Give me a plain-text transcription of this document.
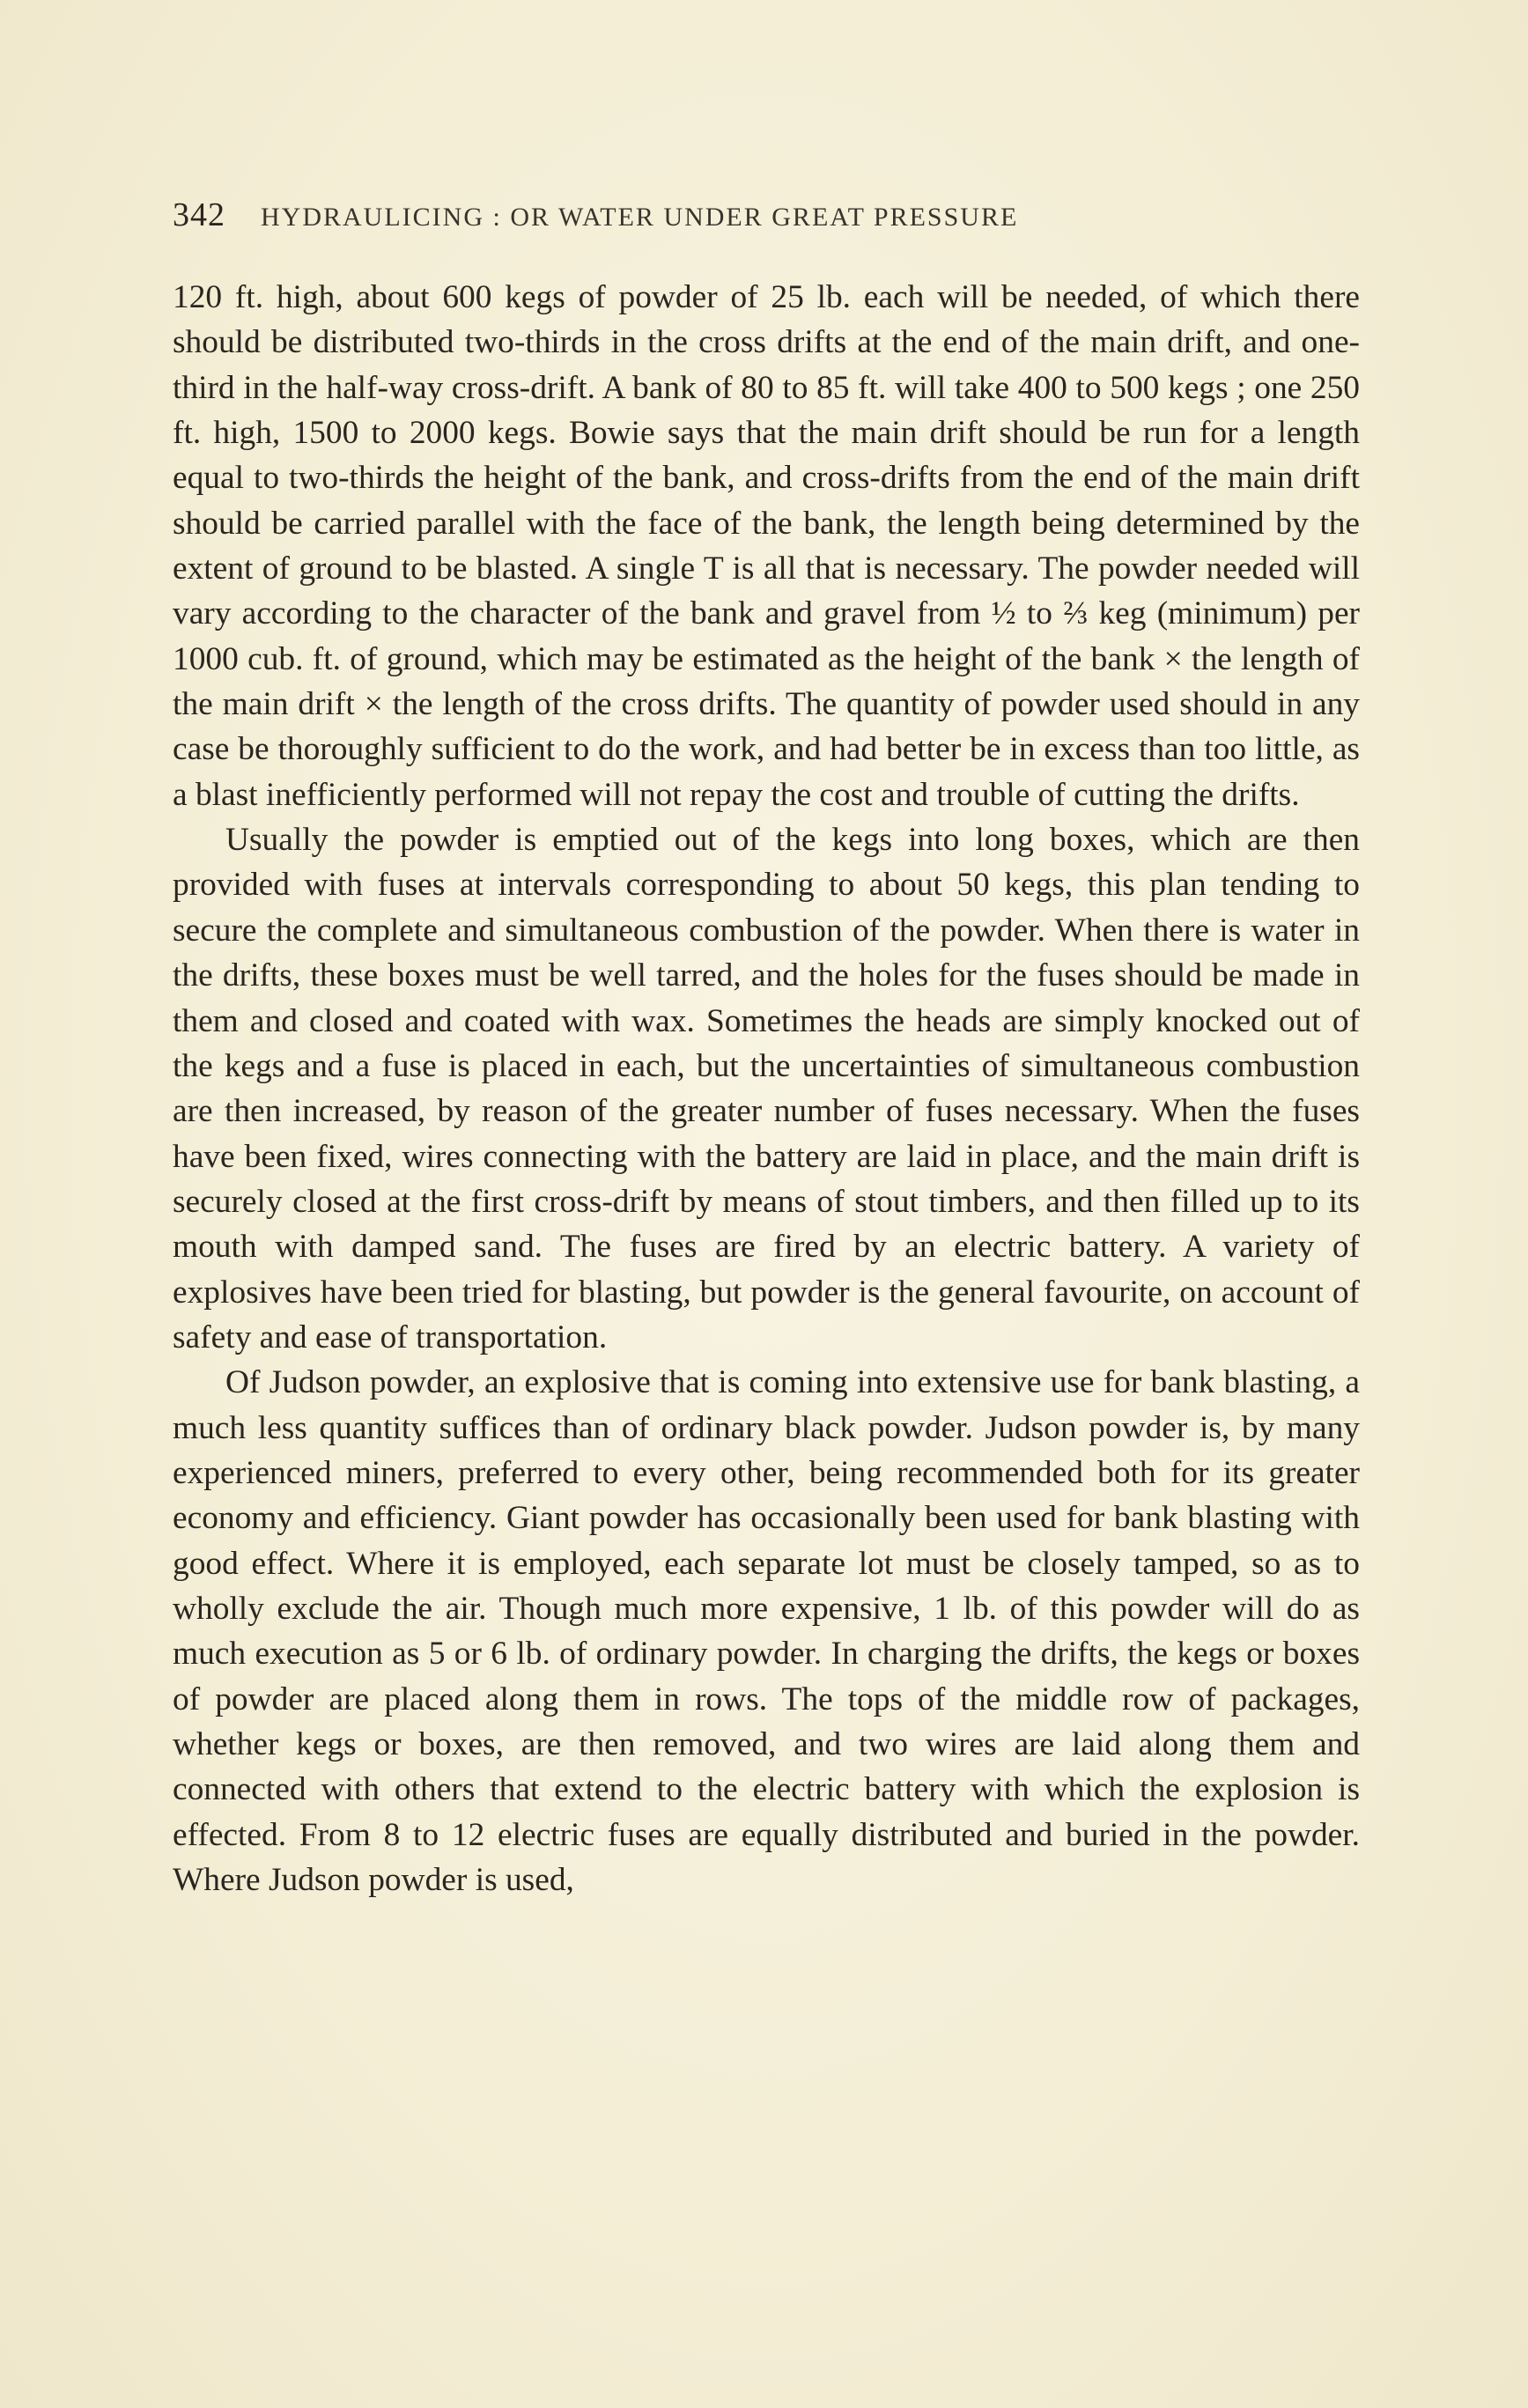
342 HYDRAULICING : OR WATER UNDER GREAT PRESSURE

120 ft. high, about 600 kegs of powder of 25 lb. each will be needed, of which there should be distributed two-thirds in the cross drifts at the end of the main drift, and one-third in the half-way cross-drift. A bank of 80 to 85 ft. will take 400 to 500 kegs ; one 250 ft. high, 1500 to 2000 kegs. Bowie says that the main drift should be run for a length equal to two-thirds the height of the bank, and cross-drifts from the end of the main drift should be carried parallel with the face of the bank, the length being determined by the extent of ground to be blasted. A single T is all that is necessary. The powder needed will vary according to the character of the bank and gravel from ½ to ⅔ keg (minimum) per 1000 cub. ft. of ground, which may be estimated as the height of the bank × the length of the main drift × the length of the cross drifts. The quantity of powder used should in any case be thoroughly sufficient to do the work, and had better be in excess than too little, as a blast inefficiently performed will not repay the cost and trouble of cutting the drifts.

Usually the powder is emptied out of the kegs into long boxes, which are then provided with fuses at intervals corresponding to about 50 kegs, this plan tending to secure the complete and simultaneous combustion of the powder. When there is water in the drifts, these boxes must be well tarred, and the holes for the fuses should be made in them and closed and coated with wax. Sometimes the heads are simply knocked out of the kegs and a fuse is placed in each, but the uncertainties of simultaneous combustion are then increased, by reason of the greater number of fuses necessary. When the fuses have been fixed, wires connecting with the battery are laid in place, and the main drift is securely closed at the first cross-drift by means of stout timbers, and then filled up to its mouth with damped sand. The fuses are fired by an electric battery. A variety of explosives have been tried for blasting, but powder is the general favourite, on account of safety and ease of transportation.

Of Judson powder, an explosive that is coming into extensive use for bank blasting, a much less quantity suffices than of ordinary black powder. Judson powder is, by many experienced miners, preferred to every other, being recommended both for its greater economy and efficiency. Giant powder has occasionally been used for bank blasting with good effect. Where it is employed, each separate lot must be closely tamped, so as to wholly exclude the air. Though much more expensive, 1 lb. of this powder will do as much execution as 5 or 6 lb. of ordinary powder. In charging the drifts, the kegs or boxes of powder are placed along them in rows. The tops of the middle row of packages, whether kegs or boxes, are then removed, and two wires are laid along them and connected with others that extend to the electric battery with which the explosion is effected. From 8 to 12 electric fuses are equally distributed and buried in the powder. Where Judson powder is used,
